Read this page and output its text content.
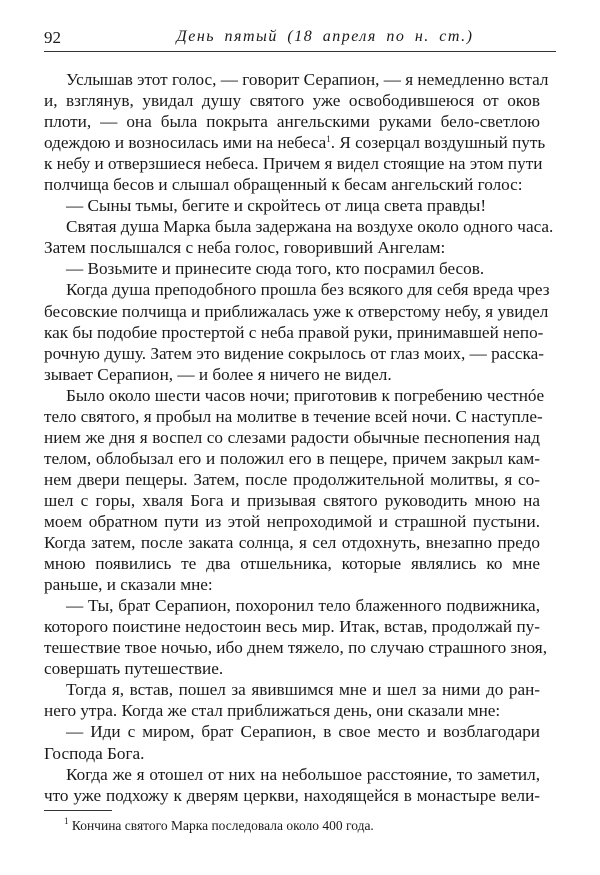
92	День пятый (18 апреля по н. ст.)
Услышав этот голос, — говорит Серапион, — я немедленно встал
и, взглянув, увидал душу святого уже освободившеюся от оков
плоти, — она была покрыта ангельскими руками бело-светлою
одеждою и возносилась ими на небеса$^1$. Я созерцал воздушный путь
к небу и отверзшиеся небеса. Причем я видел стоящие на этом пути
полчища бесов и слышал обращенный к бесам ангельский голос:
— Сыны тьмы, бегите и скройтесь от лица света правды!
Святая душа Марка была задержана на воздухе около одного часа.
Затем послышался с неба голос, говоривший Ангелам:
— Возьмите и принесите сюда того, кто посрамил бесов.
Когда душа преподобного прошла без всякого для себя вреда чрез
бесовские полчища и приближалась уже к отверстому небу, я увидел
как бы подобие простертой с неба правой руки, принимавшей непо-
рочную душу. Затем это видение сокрылось от глаз моих, — расска-
зывает Серапион, — и более я ничего не видел.
Было около шести часов ночи; приготовив к погребению честнóе
тело святого, я пробыл на молитве в течение всей ночи. С наступле-
нием же дня я воспел со слезами радости обычные песнопения над
телом, облобызал его и положил его в пещере, причем закрыл кам-
нем двери пещеры. Затем, после продолжительной молитвы, я со-
шел с горы, хваля Бога и призывая святого руководить мною на
моем обратном пути из этой непроходимой и страшной пустыни.
Когда затем, после заката солнца, я сел отдохнуть, внезапно предо
мною появились те два отшельника, которые являлись ко мне
раньше, и сказали мне:
— Ты, брат Серапион, похоронил тело блаженного подвижника,
которого поистине недостоин весь мир. Итак, встав, продолжай пу-
тешествие твое ночью, ибо днем тяжело, по случаю страшного зноя,
совершать путешествие.
Тогда я, встав, пошел за явившимся мне и шел за ними до ран-
него утра. Когда же стал приближаться день, они сказали мне:
— Иди с миром, брат Серапион, в свое место и возблагодари
Господа Бога.
Когда же я отошел от них на небольшое расстояние, то заметил,
что уже подхожу к дверям церкви, находящейся в монастыре вели-
$^1$ Кончина святого Марка последовала около 400 года.
